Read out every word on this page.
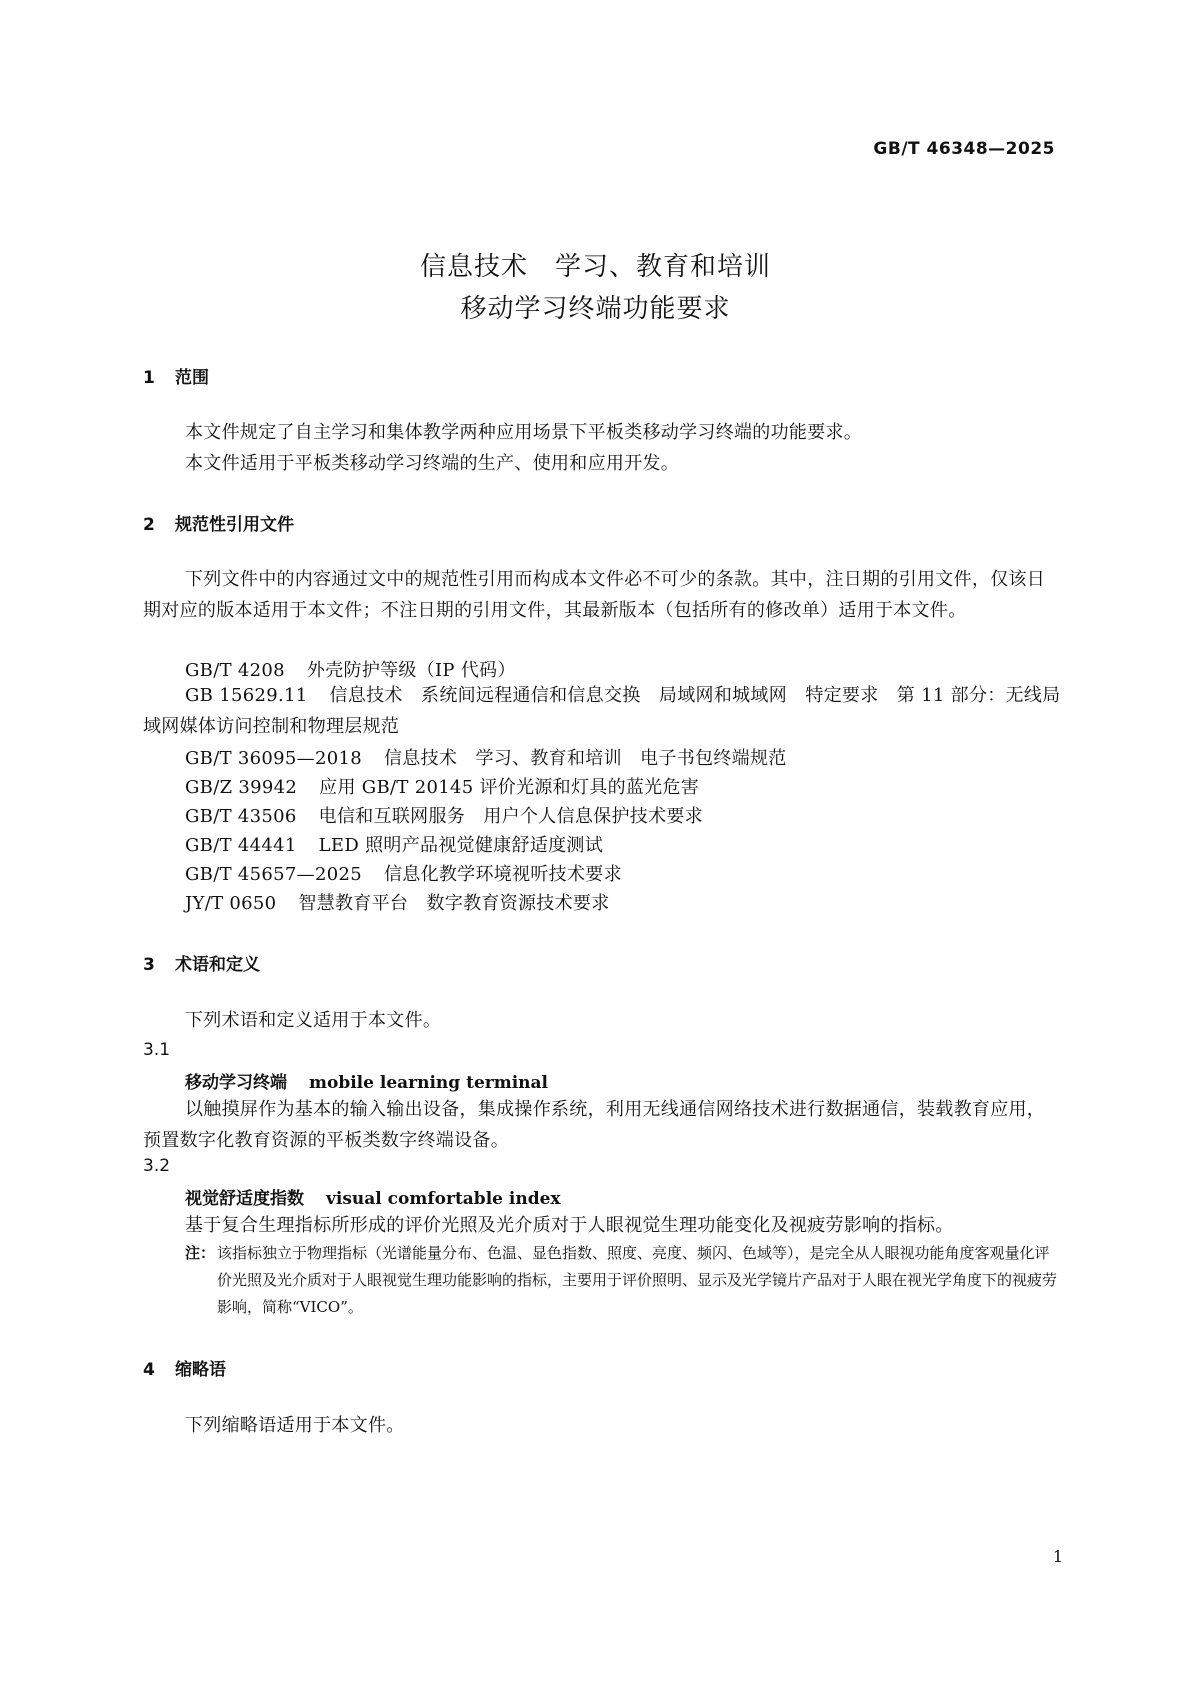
GB/T 46348—2025
信息技术　学习、教育和培训
移动学习终端功能要求
1 范围
本文件规定了自主学习和集体教学两种应用场景下平板类移动学习终端的功能要求。
本文件适用于平板类移动学习终端的生产、使用和应用开发。
2 规范性引用文件
下列文件中的内容通过文中的规范性引用而构成本文件必不可少的条款。其中，注日期的引用文件，仅该日期对应的版本适用于本文件；不注日期的引用文件，其最新版本（包括所有的修改单）适用于本文件。
GB/T 4208 外壳防护等级（IP 代码）
GB 15629.11 信息技术　系统间远程通信和信息交换　局域网和城域网　特定要求　第 11 部分：无线局域网媒体访问控制和物理层规范
GB/T 36095—2018 信息技术　学习、教育和培训　电子书包终端规范
GB/Z 39942 应用 GB/T 20145 评价光源和灯具的蓝光危害
GB/T 43506 电信和互联网服务　用户个人信息保护技术要求
GB/T 44441 LED 照明产品视觉健康舒适度测试
GB/T 45657—2025 信息化教学环境视听技术要求
JY/T 0650 智慧教育平台　数字教育资源技术要求
3 术语和定义
下列术语和定义适用于本文件。
3.1
移动学习终端 mobile learning terminal
以触摸屏作为基本的输入输出设备，集成操作系统，利用无线通信网络技术进行数据通信，装载教育应用，预置数字化教育资源的平板类数字终端设备。
3.2
视觉舒适度指数 visual comfortable index
基于复合生理指标所形成的评价光照及光介质对于人眼视觉生理功能变化及视疲劳影响的指标。
注： 该指标独立于物理指标（光谱能量分布、色温、显色指数、照度、亮度、频闪、色域等），是完全从人眼视功能角度客观量化评价光照及光介质对于人眼视觉生理功能影响的指标，主要用于评价照明、显示及光学镜片产品对于人眼在视光学角度下的视疲劳影响，简称“VICO”。
4 缩略语
下列缩略语适用于本文件。
1
